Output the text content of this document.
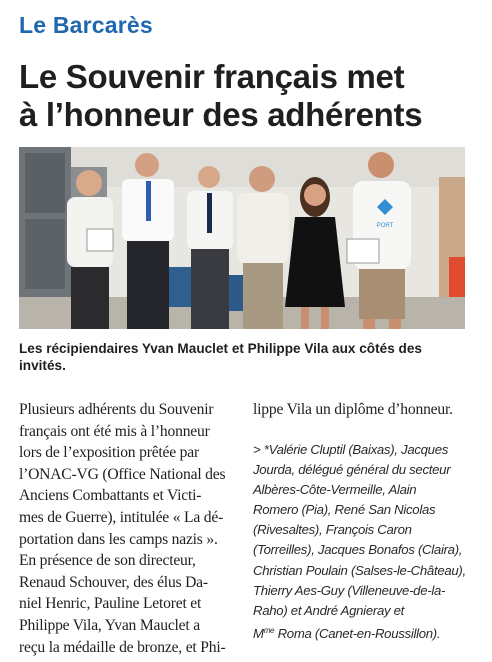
Le Barcarès
Le Souvenir français met
à l’honneur des adhérents
PORT

Les récipiendaires Yvan Mauclet et Philippe Vila aux côtés des invités.

Plusieurs adhérents du Souvenir
français ont été mis à l’honneur
lors de l’exposition prêtée par
l’ONAC-VG (Office National des
Anciens Combattants et Victi-
mes de Guerre), intitulée « La dé-
portation dans les camps nazis ».
En présence de son directeur,
Renaud Schouver, des élus Da-
niel Henric, Pauline Letoret et
Philippe Vila, Yvan Mauclet a
reçu la médaille de bronze, et Phi-
lippe Vila un diplôme d’honneur.
> *Valérie Cluptil (Baixas), Jacques
Jourda, délégué général du secteur
Albères-Côte-Vermeille, Alain
Romero (Pia), René San Nicolas
(Rivesaltes), François Caron
(Torreilles), Jacques Bonafos (Claira),
Christian Poulain (Salses-le-Château),
Thierry Aes-Guy (Villeneuve-de-la-
Raho) et André Agnieray et
$M^{me}$ Roma (Canet-en-Roussillon).
